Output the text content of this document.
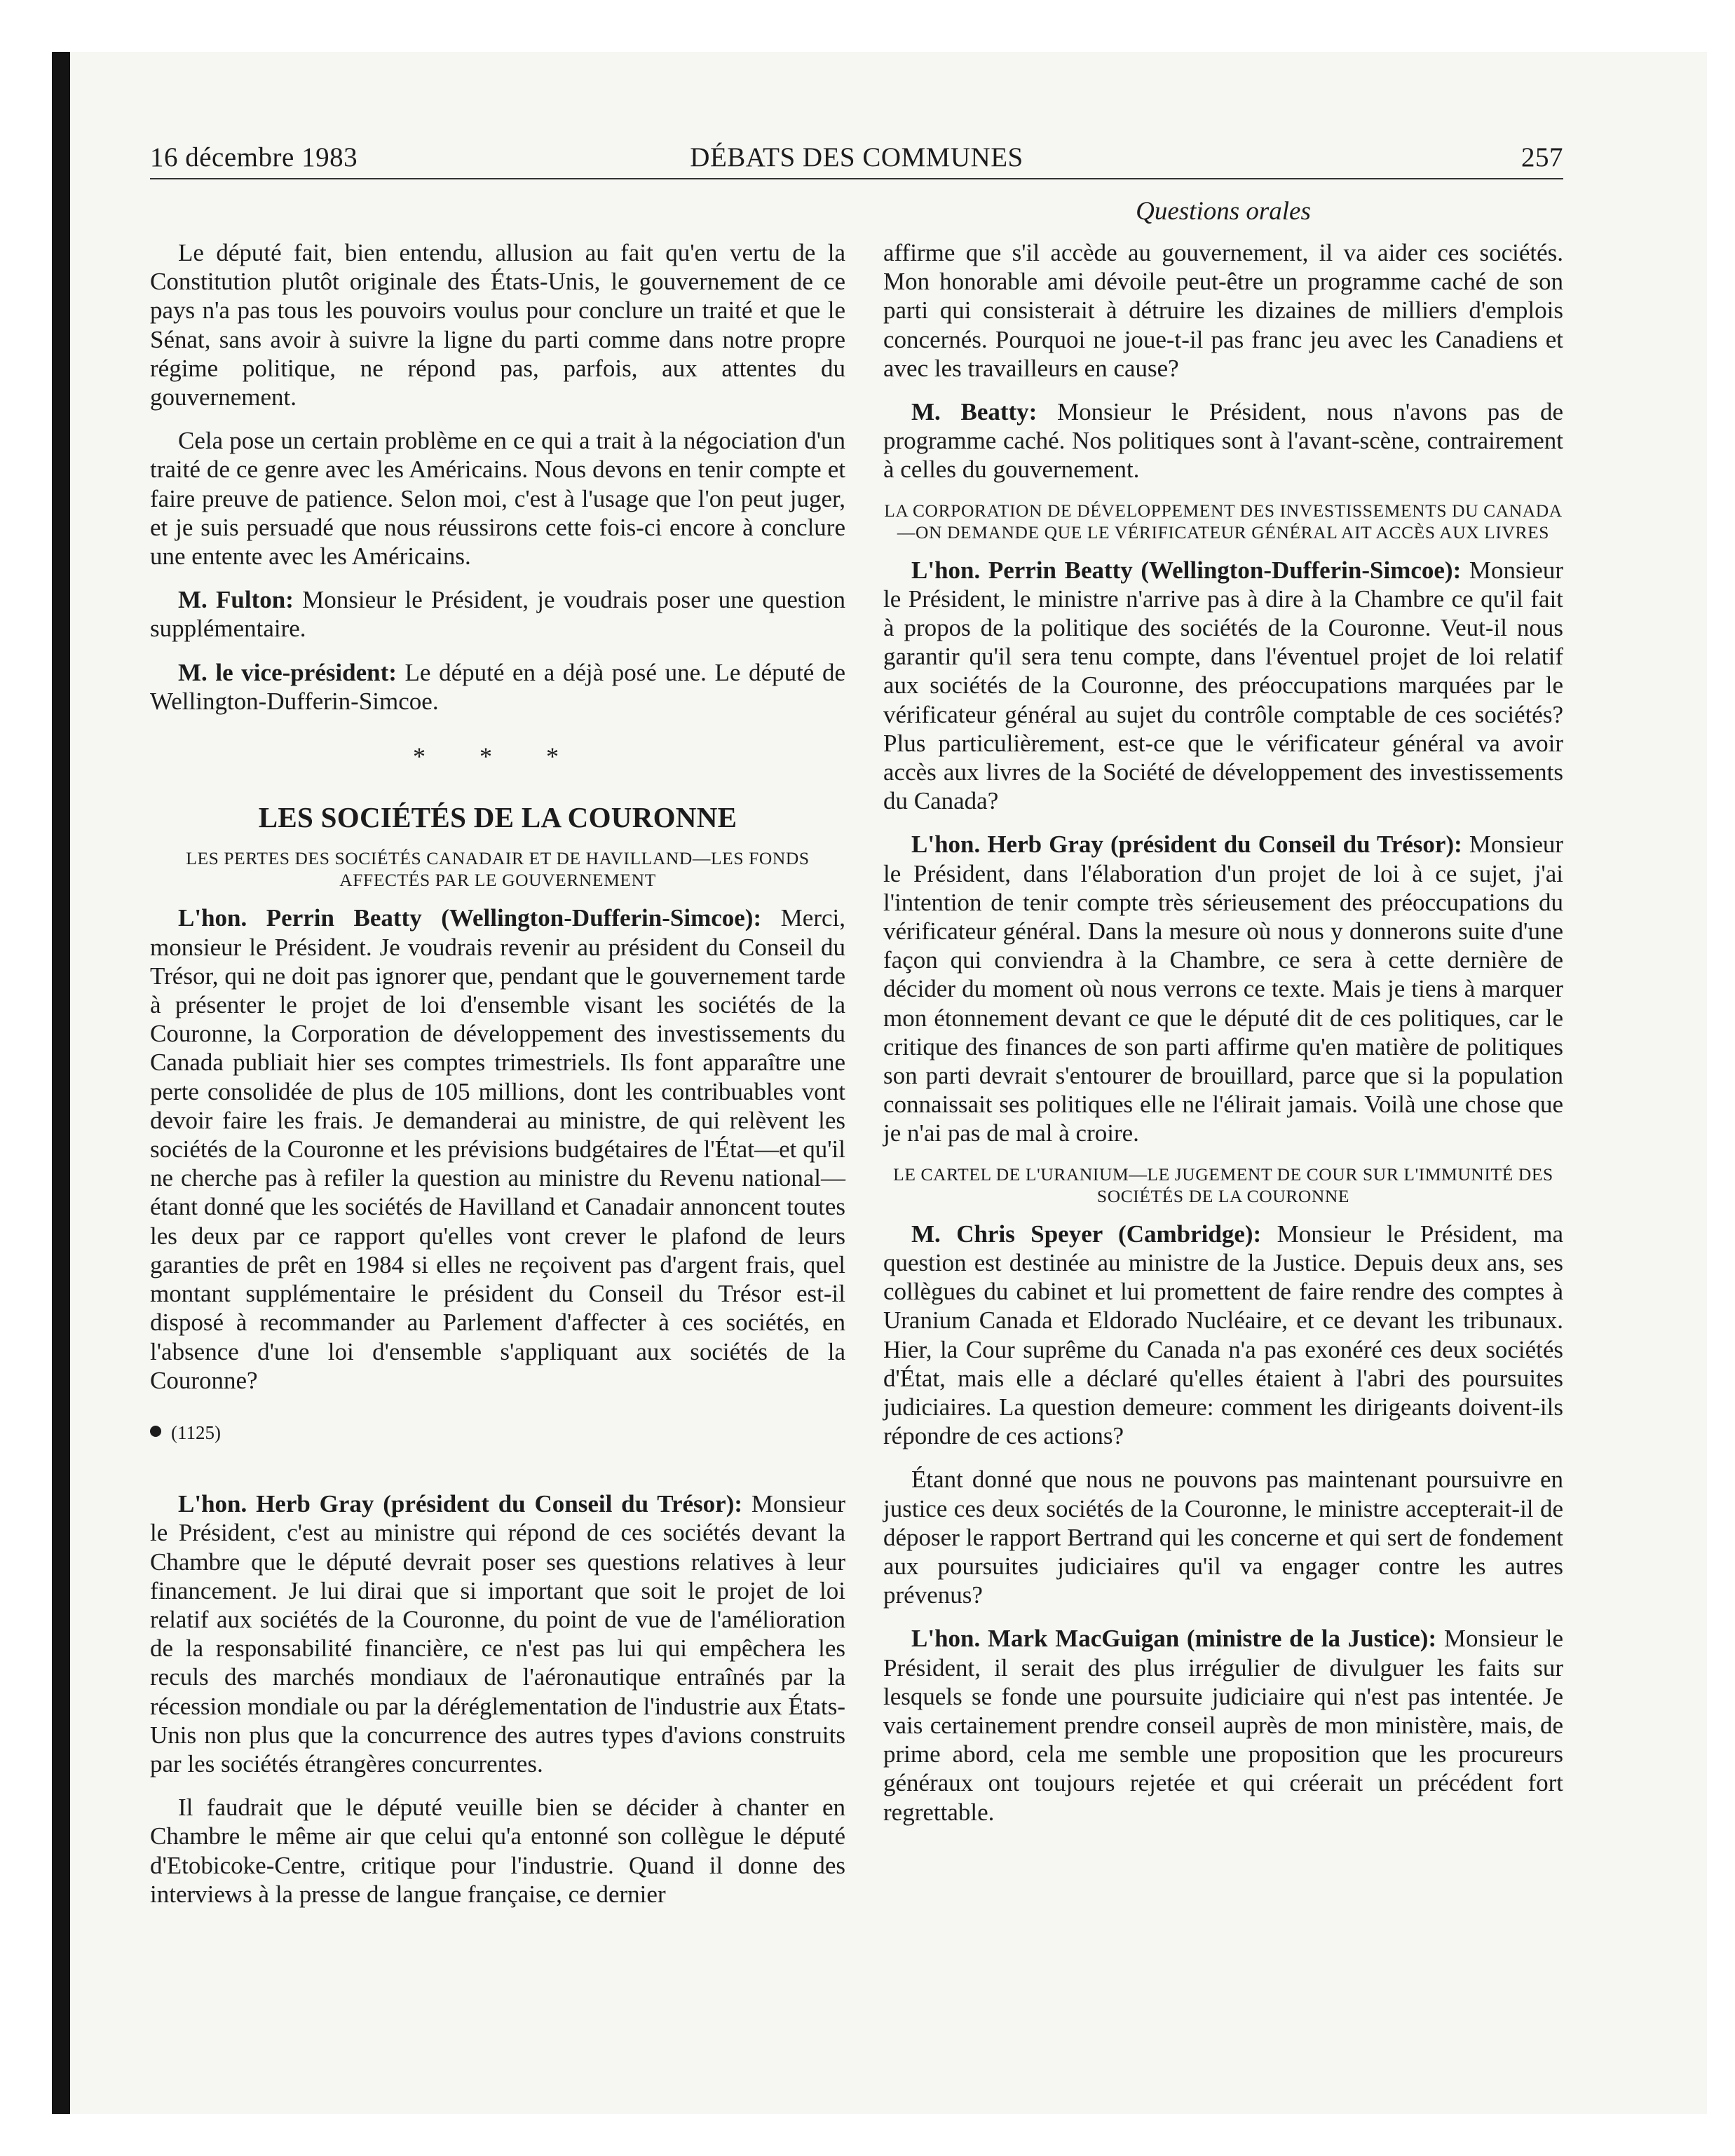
16 décembre 1983	DÉBATS DES COMMUNES	257
Questions orales

Le député fait, bien entendu, allusion au fait qu'en vertu de la Constitution plutôt originale des États-Unis, le gouvernement de ce pays n'a pas tous les pouvoirs voulus pour conclure un traité et que le Sénat, sans avoir à suivre la ligne du parti comme dans notre propre régime politique, ne répond pas, parfois, aux attentes du gouvernement.

Cela pose un certain problème en ce qui a trait à la négociation d'un traité de ce genre avec les Américains. Nous devons en tenir compte et faire preuve de patience. Selon moi, c'est à l'usage que l'on peut juger, et je suis persuadé que nous réussirons cette fois-ci encore à conclure une entente avec les Américains.

M. Fulton: Monsieur le Président, je voudrais poser une question supplémentaire.

M. le vice-président: Le député en a déjà posé une. Le député de Wellington-Dufferin-Simcoe.

* * *

LES SOCIÉTÉS DE LA COURONNE

LES PERTES DES SOCIÉTÉS CANADAIR ET DE HAVILLAND—LES FONDS AFFECTÉS PAR LE GOUVERNEMENT

L'hon. Perrin Beatty (Wellington-Dufferin-Simcoe): Merci, monsieur le Président. Je voudrais revenir au président du Conseil du Trésor, qui ne doit pas ignorer que, pendant que le gouvernement tarde à présenter le projet de loi d'ensemble visant les sociétés de la Couronne, la Corporation de développement des investissements du Canada publiait hier ses comptes trimestriels. Ils font apparaître une perte consolidée de plus de 105 millions, dont les contribuables vont devoir faire les frais. Je demanderai au ministre, de qui relèvent les sociétés de la Couronne et les prévisions budgétaires de l'État—et qu'il ne cherche pas à refiler la question au ministre du Revenu national—étant donné que les sociétés de Havilland et Canadair annoncent toutes les deux par ce rapport qu'elles vont crever le plafond de leurs garanties de prêt en 1984 si elles ne reçoivent pas d'argent frais, quel montant supplémentaire le président du Conseil du Trésor est-il disposé à recommander au Parlement d'affecter à ces sociétés, en l'absence d'une loi d'ensemble s'appliquant aux sociétés de la Couronne?

(1125)

L'hon. Herb Gray (président du Conseil du Trésor): Monsieur le Président, c'est au ministre qui répond de ces sociétés devant la Chambre que le député devrait poser ses questions relatives à leur financement. Je lui dirai que si important que soit le projet de loi relatif aux sociétés de la Couronne, du point de vue de l'amélioration de la responsabilité financière, ce n'est pas lui qui empêchera les reculs des marchés mondiaux de l'aéronautique entraînés par la récession mondiale ou par la déréglementation de l'industrie aux États-Unis non plus que la concurrence des autres types d'avions construits par les sociétés étrangères concurrentes.

Il faudrait que le député veuille bien se décider à chanter en Chambre le même air que celui qu'a entonné son collègue le député d'Etobicoke-Centre, critique pour l'industrie. Quand il donne des interviews à la presse de langue française, ce dernier

affirme que s'il accède au gouvernement, il va aider ces sociétés. Mon honorable ami dévoile peut-être un programme caché de son parti qui consisterait à détruire les dizaines de milliers d'emplois concernés. Pourquoi ne joue-t-il pas franc jeu avec les Canadiens et avec les travailleurs en cause?

M. Beatty: Monsieur le Président, nous n'avons pas de programme caché. Nos politiques sont à l'avant-scène, contrairement à celles du gouvernement.

LA CORPORATION DE DÉVELOPPEMENT DES INVESTISSEMENTS DU CANADA—ON DEMANDE QUE LE VÉRIFICATEUR GÉNÉRAL AIT ACCÈS AUX LIVRES

L'hon. Perrin Beatty (Wellington-Dufferin-Simcoe): Monsieur le Président, le ministre n'arrive pas à dire à la Chambre ce qu'il fait à propos de la politique des sociétés de la Couronne. Veut-il nous garantir qu'il sera tenu compte, dans l'éventuel projet de loi relatif aux sociétés de la Couronne, des préoccupations marquées par le vérificateur général au sujet du contrôle comptable de ces sociétés? Plus particulièrement, est-ce que le vérificateur général va avoir accès aux livres de la Société de développement des investissements du Canada?

L'hon. Herb Gray (président du Conseil du Trésor): Monsieur le Président, dans l'élaboration d'un projet de loi à ce sujet, j'ai l'intention de tenir compte très sérieusement des préoccupations du vérificateur général. Dans la mesure où nous y donnerons suite d'une façon qui conviendra à la Chambre, ce sera à cette dernière de décider du moment où nous verrons ce texte. Mais je tiens à marquer mon étonnement devant ce que le député dit de ces politiques, car le critique des finances de son parti affirme qu'en matière de politiques son parti devrait s'entourer de brouillard, parce que si la population connaissait ses politiques elle ne l'élirait jamais. Voilà une chose que je n'ai pas de mal à croire.

LE CARTEL DE L'URANIUM—LE JUGEMENT DE COUR SUR L'IMMUNITÉ DES SOCIÉTÉS DE LA COURONNE

M. Chris Speyer (Cambridge): Monsieur le Président, ma question est destinée au ministre de la Justice. Depuis deux ans, ses collègues du cabinet et lui promettent de faire rendre des comptes à Uranium Canada et Eldorado Nucléaire, et ce devant les tribunaux. Hier, la Cour suprême du Canada n'a pas exonéré ces deux sociétés d'État, mais elle a déclaré qu'elles étaient à l'abri des poursuites judiciaires. La question demeure: comment les dirigeants doivent-ils répondre de ces actions?

Étant donné que nous ne pouvons pas maintenant poursuivre en justice ces deux sociétés de la Couronne, le ministre accepterait-il de déposer le rapport Bertrand qui les concerne et qui sert de fondement aux poursuites judiciaires qu'il va engager contre les autres prévenus?

L'hon. Mark MacGuigan (ministre de la Justice): Monsieur le Président, il serait des plus irrégulier de divulguer les faits sur lesquels se fonde une poursuite judiciaire qui n'est pas intentée. Je vais certainement prendre conseil auprès de mon ministère, mais, de prime abord, cela me semble une proposition que les procureurs généraux ont toujours rejetée et qui créerait un précédent fort regrettable.
